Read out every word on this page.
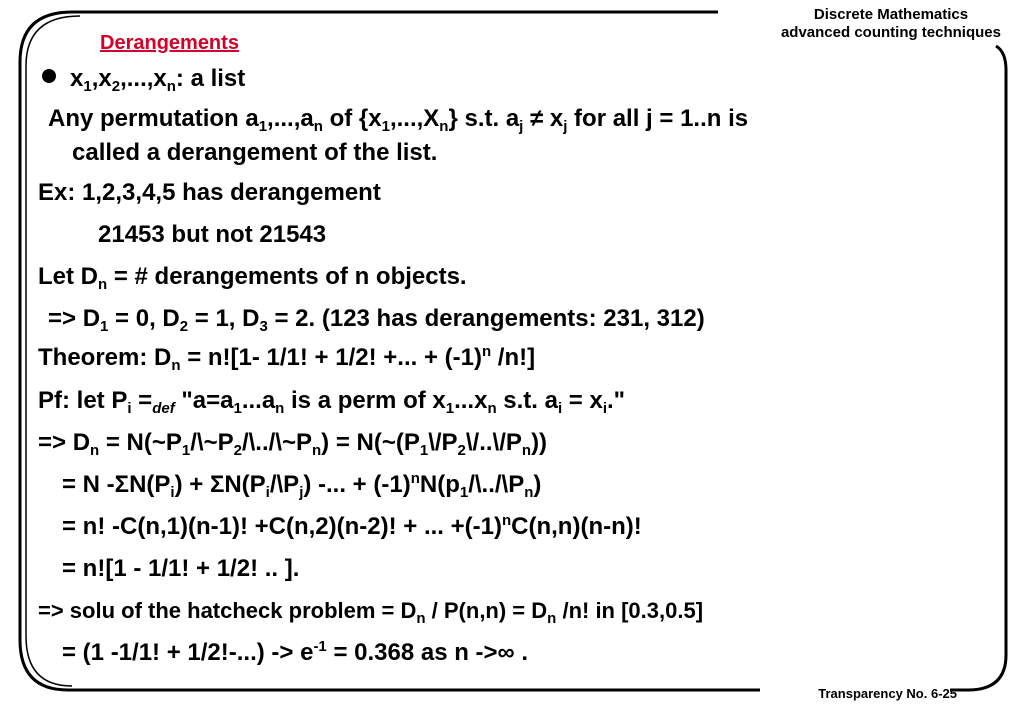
Discrete Mathematics
advanced counting techniques
Derangements
$x_1,x_2,...,x_n$: a list
Any permutation $a_1,...,a_n$ of $\{x_1,...,X_n\}$ s.t. $a_j \ne x_j$ for all j = 1..n is
called a derangement of the list.
Ex: 1,2,3,4,5 has derangement
21453 but not 21543
Let $D_n$ = # derangements of n objects.
=> $D_1 = 0$, $D_2 = 1$, $D_3 = 2$. (123 has derangements: 231, 312)
Theorem: $D_n = n![1-$ 1/1! + 1/2! +... + $(-1)^n$ /n!]
Pf: let $P_i =_{def}$ "$a=a_1...a_n$ is a perm of $x_1...x_n$ s.t. $a_i = x_i$."
=> $D_n$ = $N(\sim P_1/\backslash\sim P_2/\backslash../\backslash\sim P_n)$ = $N(\sim(P_1\backslash/P_2\backslash/..\backslash/P_n))$
= N $-\Sigma N(P_i)$ + $\Sigma N(P_i/\backslash P_j)$ -... + $(-1)^nN(p_1/\backslash../\backslash P_n)$
= n! -C(n,1)(n-1)! +C(n,2)(n-2)! + ... $+(-1)^nC(n,n)(n-n)$!
= n![1 - 1/1! + 1/2! .. ].
=> solu of the hatcheck problem = $D_n / P(n,n) = D_n$ /n! in [0.3,0.5]
= (1 -1/1! + $1/2!-...) -> e^{-1} = 0.368$ as n ->∞ .
Transparency No. 6-25
